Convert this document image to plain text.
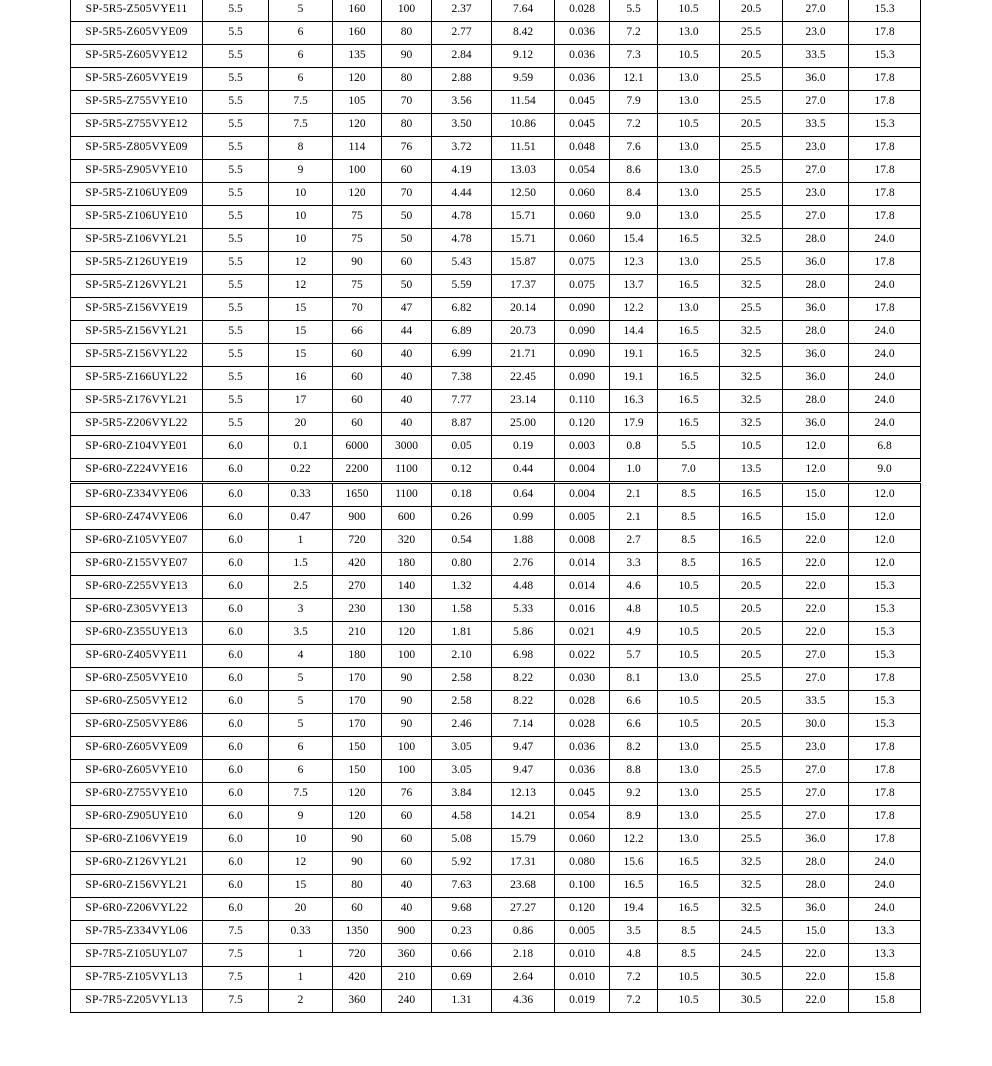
SP-5R5-Z505VYE11	5.5	5	160	100	2.37	7.64	0.028	5.5	10.5	20.5	27.0	15.3
SP-5R5-Z605VYE09	5.5	6	160	80	2.77	8.42	0.036	7.2	13.0	25.5	23.0	17.8
SP-5R5-Z605VYE12	5.5	6	135	90	2.84	9.12	0.036	7.3	10.5	20.5	33.5	15.3
SP-5R5-Z605VYE19	5.5	6	120	80	2.88	9.59	0.036	12.1	13.0	25.5	36.0	17.8
SP-5R5-Z755VYE10	5.5	7.5	105	70	3.56	11.54	0.045	7.9	13.0	25.5	27.0	17.8
SP-5R5-Z755VYE12	5.5	7.5	120	80	3.50	10.86	0.045	7.2	10.5	20.5	33.5	15.3
SP-5R5-Z805VYE09	5.5	8	114	76	3.72	11.51	0.048	7.6	13.0	25.5	23.0	17.8
SP-5R5-Z905VYE10	5.5	9	100	60	4.19	13.03	0.054	8.6	13.0	25.5	27.0	17.8
SP-5R5-Z106UYE09	5.5	10	120	70	4.44	12.50	0.060	8.4	13.0	25.5	23.0	17.8
SP-5R5-Z106UYE10	5.5	10	75	50	4.78	15.71	0.060	9.0	13.0	25.5	27.0	17.8
SP-5R5-Z106VYL21	5.5	10	75	50	4.78	15.71	0.060	15.4	16.5	32.5	28.0	24.0
SP-5R5-Z126UYE19	5.5	12	90	60	5.43	15.87	0.075	12.3	13.0	25.5	36.0	17.8
SP-5R5-Z126VYL21	5.5	12	75	50	5.59	17.37	0.075	13.7	16.5	32.5	28.0	24.0
SP-5R5-Z156VYE19	5.5	15	70	47	6.82	20.14	0.090	12.2	13.0	25.5	36.0	17.8
SP-5R5-Z156VYL21	5.5	15	66	44	6.89	20.73	0.090	14.4	16.5	32.5	28.0	24.0
SP-5R5-Z156VYL22	5.5	15	60	40	6.99	21.71	0.090	19.1	16.5	32.5	36.0	24.0
SP-5R5-Z166UYL22	5.5	16	60	40	7.38	22.45	0.090	19.1	16.5	32.5	36.0	24.0
SP-5R5-Z176VYL21	5.5	17	60	40	7.77	23.14	0.110	16.3	16.5	32.5	28.0	24.0
SP-5R5-Z206VYL22	5.5	20	60	40	8.87	25.00	0.120	17.9	16.5	32.5	36.0	24.0
SP-6R0-Z104VYE01	6.0	0.1	6000	3000	0.05	0.19	0.003	0.8	5.5	10.5	12.0	6.8
SP-6R0-Z224VYE16	6.0	0.22	2200	1100	0.12	0.44	0.004	1.0	7.0	13.5	12.0	9.0
SP-6R0-Z334VYE06	6.0	0.33	1650	1100	0.18	0.64	0.004	2.1	8.5	16.5	15.0	12.0
SP-6R0-Z474VYE06	6.0	0.47	900	600	0.26	0.99	0.005	2.1	8.5	16.5	15.0	12.0
SP-6R0-Z105VYE07	6.0	1	720	320	0.54	1.88	0.008	2.7	8.5	16.5	22.0	12.0
SP-6R0-Z155VYE07	6.0	1.5	420	180	0.80	2.76	0.014	3.3	8.5	16.5	22.0	12.0
SP-6R0-Z255VYE13	6.0	2.5	270	140	1.32	4.48	0.014	4.6	10.5	20.5	22.0	15.3
SP-6R0-Z305VYE13	6.0	3	230	130	1.58	5.33	0.016	4.8	10.5	20.5	22.0	15.3
SP-6R0-Z355UYE13	6.0	3.5	210	120	1.81	5.86	0.021	4.9	10.5	20.5	22.0	15.3
SP-6R0-Z405VYE11	6.0	4	180	100	2.10	6.98	0.022	5.7	10.5	20.5	27.0	15.3
SP-6R0-Z505VYE10	6.0	5	170	90	2.58	8.22	0.030	8.1	13.0	25.5	27.0	17.8
SP-6R0-Z505VYE12	6.0	5	170	90	2.58	8.22	0.028	6.6	10.5	20.5	33.5	15.3
SP-6R0-Z505VYE86	6.0	5	170	90	2.46	7.14	0.028	6.6	10.5	20.5	30.0	15.3
SP-6R0-Z605VYE09	6.0	6	150	100	3.05	9.47	0.036	8.2	13.0	25.5	23.0	17.8
SP-6R0-Z605VYE10	6.0	6	150	100	3.05	9.47	0.036	8.8	13.0	25.5	27.0	17.8
SP-6R0-Z755VYE10	6.0	7.5	120	76	3.84	12.13	0.045	9.2	13.0	25.5	27.0	17.8
SP-6R0-Z905UYE10	6.0	9	120	60	4.58	14.21	0.054	8.9	13.0	25.5	27.0	17.8
SP-6R0-Z106VYE19	6.0	10	90	60	5.08	15.79	0.060	12.2	13.0	25.5	36.0	17.8
SP-6R0-Z126VYL21	6.0	12	90	60	5.92	17.31	0.080	15.6	16.5	32.5	28.0	24.0
SP-6R0-Z156VYL21	6.0	15	80	40	7.63	23.68	0.100	16.5	16.5	32.5	28.0	24.0
SP-6R0-Z206VYL22	6.0	20	60	40	9.68	27.27	0.120	19.4	16.5	32.5	36.0	24.0
SP-7R5-Z334VYL06	7.5	0.33	1350	900	0.23	0.86	0.005	3.5	8.5	24.5	15.0	13.3
SP-7R5-Z105UYL07	7.5	1	720	360	0.66	2.18	0.010	4.8	8.5	24.5	22.0	13.3
SP-7R5-Z105VYL13	7.5	1	420	210	0.69	2.64	0.010	7.2	10.5	30.5	22.0	15.8
SP-7R5-Z205VYL13	7.5	2	360	240	1.31	4.36	0.019	7.2	10.5	30.5	22.0	15.8
